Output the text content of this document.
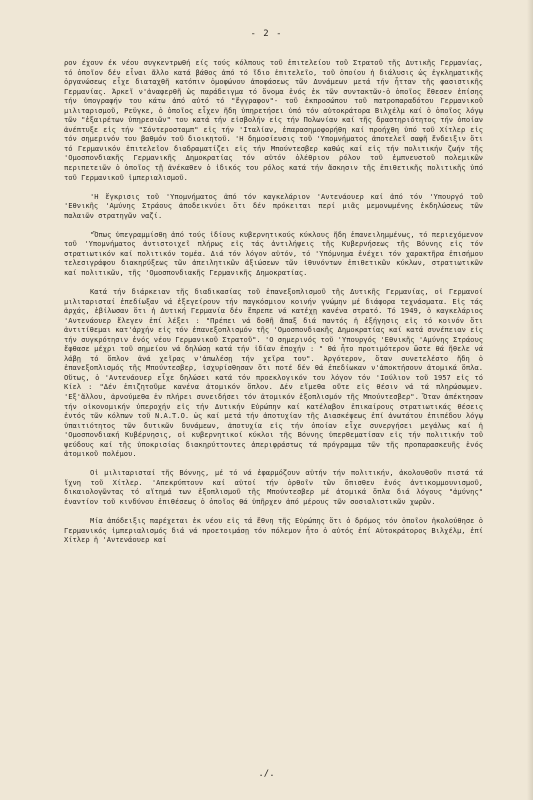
- 2 -

ρον έχουν έκ νέου συγκεντρωθή είς τούς κόλπους τοῦ ἐπιτελείου τοῦ Στρατοῦ τῆς Δυτικῆς Γερμανίας, τό ὁποῖον δέν εἶναι ἄλλο κατά βάθος ἀπό τό ἴδιο ἐπιτελεῖο, τοῦ ὁποίου ἡ διάλυσις ὡς ἐγκληματικῆς ὀργανώσεως εἶχε διαταχθῆ κατόπιν ὁμοφώνου ἀποφάσεως τῶν Δυνάμεων μετά τήν ἧτταν τῆς φασιστικῆς Γερμανίας. Ἀρκεῖ ν'ἀναφερθῆ ὡς παράδειγμα τό ὄνομα ἑνός ἐκ τῶν συντακτῶν-ὁ ὁποῖος ἔθεσεν ἐπίσης τήν ὑπογραφήν του κάτω ἀπό αὐτό τό "ἔγγραφον"- τοῦ ἐκπροσώπου τοῦ πατροπαραδότου Γερμανικοῦ μιλιταρισμοῦ, Ρεϋγκε, ὁ ὁποῖος εἶχεν ἤδη ὑπηρετήσει ὑπό τόν αὐτοκράτορα Βιλχέλμ καί ὁ ὁποῖος λόγῳ τῶν "ἐξαιρέτων ὑπηρεσιῶν" του κατά τήν εἰσβολήν εἰς τήν Πολωνίαν καί τῆς δραστηριότητος τήν ὁποίαν ἀνέπτυξε εἰς τήν "Σόντεροσταμπ" εἰς τήν 'Ιταλίαν, ἐπαρασημοφορήθη καί προήχθη ὑπό τοῦ Χίτλερ εἰς τόν σημερινόν του βαθμόν τοῦ διοικητοῦ. 'Η δημοσίευσις τοῦ 'Υπομνήματος ἀποτελεῖ σαφῆ ἔνδειξιν ὅτι τό Γερμανικόν ἐπιτελεῖον διαδραματίζει εἰς τήν Μπούντεσβερ καθώς καί εἰς τήν πολιτικήν ζωήν τῆς 'Ομοσπονδιακῆς Γερμανικῆς Δημοκρατίας τόν αὐτόν ὀλέθριον ρόλον τοῦ ἐμπνευστοῦ πολεμικῶν περιπετειῶν ὁ ὁποῖος τῇ ἀνέκαθεν ὁ ἰδικός του ρόλος κατά τήν ἄσκησιν τῆς ἐπιθετικῆς πολιτικῆς ὑπό τοῦ Γερμανικοῦ ἰμπεριαλισμοῦ.

'Η ἔγκρισις τοῦ 'Υπομνήματος ἀπό τόν καγκελάριον 'Αντενάουερ καί ἀπό τόν 'Υπουργό τοῦ 'Εθνικῆς 'Αμύνης Στράους ἀποδεικνύει ὅτι δέν πρόκειται περί μιᾶς μεμονωμένης ἐκδηλώσεως τῶν παλαιῶν στρατηγῶν ναζί.

"Ὅπως ὑπεγραμμίσθη ἀπό τούς ἰδίους κυβερνητικούς κύκλους ἤδη ἐπανειλημμένως, τό περιεχόμενον τοῦ 'Υπομνήματος ἀντιστοιχεῖ πλήρως εἰς τάς ἀντιλήψεις τῆς Κυβερνήσεως τῆς Βόννης εἰς τόν στρατιωτικόν καί πολιτικόν τομέα. Διά τόν λόγον αὐτόν, τό 'Υπόμνημα ἐνέχει τόν χαρακτῆρα ἐπισήμου τελεσιγράφου διακηρύξεως τῶν ἀπειλητικῶν ἀξιώσεων τῶν ἰθυνόντων ἐπιθετικῶν κύκλων, στρατιωτικῶν καί πολιτικῶν, τῆς 'Ομοσπονδιακῆς Γερμανικῆς Δημοκρατίας.

Κατά τήν διάρκειαν τῆς διαδικασίας τοῦ ἐπανεξοπλισμοῦ τῆς Δυτικῆς Γερμανίας, οἱ Γερμανοί μιλιταρισταί ἐπεδίωξαν νά ἐξεγείρουν τήν παγκόσμιον κοινήν γνώμην μέ διάφορα τεχνάσματα. Εἰς τάς ἀρχάς, ἐβίλωσαν ὅτι ἡ Δυτική Γερμανία δέν ἔπρεπε νά κατέχῃ κανένα στρατό. Τό 1949, ὁ καγκελάριος 'Αντενάουερ ἔλεγεν ἐπί λέξει : "Πρέπει νά δοθῆ ἅπαξ διά παντός ἡ ἐξήγησις εἰς τό κοινόν ὅτι ἀντιτίθεμαι κατ'ἀρχήν εἰς τόν ἐπανεξοπλισμόν τῆς 'Ομοσπονδιακῆς Δημοκρατίας καί κατά συνέπειαν εἰς τήν συγκρότησιν ἑνός νέου Γερμανικοῦ Στρατοῦ". 'Ο σημερινός τοῦ 'Υπουργός 'Εθνικῆς 'Αμύνης Στράους ἔφθασε μέχρι τοῦ σημείου νά δηλώσῃ κατά τήν ἰδίαν ἐποχήν : " Θά ἦτο προτιμότερον ὥστε θά ἤθελε νά λάβῃ τό ὅπλον ἀνά χεῖρας ν'ἀπωλέσῃ τήν χεῖρα του". Ἀργότερον, ὅταν συνετελέστο ἤδη ὁ ἐπανεξοπλισμός τῆς Μπούντεσβερ, ἰσχυρίσθησαν ὅτι ποτέ δέν θά ἐπεδίωκαν ν'ἀποκτήσουν ἀτομικά ὅπλα. Οὕτως, ὁ 'Αντενάουερ εἶχε δηλώσει κατά τόν προεκλογικόν του λόγον τόν 'Ιούλιον τοῦ 1957 εἰς τό Κίελ : "Δέν ἐπιζητοῦμε κανένα ἀτομικόν ὅπλον. Δέν εἴμεθα οὔτε εἰς θέσιν νά τά πληρώσωμεν. 'Εξ'ἄλλου, ἀρνούμεθα ἐν πλήρει συνειδήσει τόν ἀτομικόν ἐξοπλισμόν τῆς Μπούντεσβερ". Ὅταν ἀπέκτησαν τήν οἰκονομικήν ὑπεροχήν εἰς τήν Δυτικήν Εὐρώπην καί κατέλαβον ἐπικαίρους στρατιωτικάς θέσεις ἐντός τῶν κόλπων τοῦ N.A.T.O. ὡς καί μετά τήν ἀποτυχίαν τῆς Διασκέψεως ἐπί ἀνωτάτου ἐπιπέδου λόγῳ ὑπαιτιότητος τῶν δυτικῶν δυνάμεων, ἀποτυχία εἰς τήν ὁποίαν εἶχε συνεργήσει μεγάλως καί ἡ 'Ομοσπονδιακή Κυβέρνησις, οἱ κυβερνητικοί κύκλοι τῆς Βόννης ὑπερθεματίσαν εἰς τήν πολιτικήν τοῦ ψεύδους καί τῆς ὑποκρισίας διακηρύττοντες ἀπεριφράστως τά πρόγραμμα τῶν τῆς προπαρασκευῆς ἑνός ἀτομικοῦ πολέμου.

Οἱ μιλιταρισταί τῆς Βόννης, μέ τό νά ἐφαρμόζουν αὐτήν τήν πολιτικήν, ἀκολουθοῦν πιστά τά ἴχνη τοῦ Χίτλερ. 'Απεκρύπτουν καί αὐτοί τήν ὁρθοῖν τῶν ὄπισθεν ἑνός ἀντικομμουνισμοῦ, δικαιολογῶντας τό αἴτημά των ἐξοπλισμοῦ τῆς Μπούντεσβερ μέ ἀτομικά ὅπλα διά λόγους "ἀμύνης" ἐναντίον τοῦ κινδύνου ἐπιθέσεως ὁ ὁποῖος θά ὑπῆρχεν ἀπό μέρους τῶν σοσιαλιστικῶν χωρῶν.

Μία ἀπόδειξις παρέχεται ἐκ νέου εἰς τά ἔθνη τῆς Εὐρώπης ὅτι ὁ δρόμος τόν ὁποῖον ἠκολούθησε ὁ Γερμανικός ἰμπεριαλισμός διά νά προετοιμάσῃ τόν πόλεμον ἦτο ὁ αὐτός ἐπί Αὐτοκράτορος Βιλχέλμ, ἐπί Χίτλερ ἡ 'Αντενάουερ καί

./.
